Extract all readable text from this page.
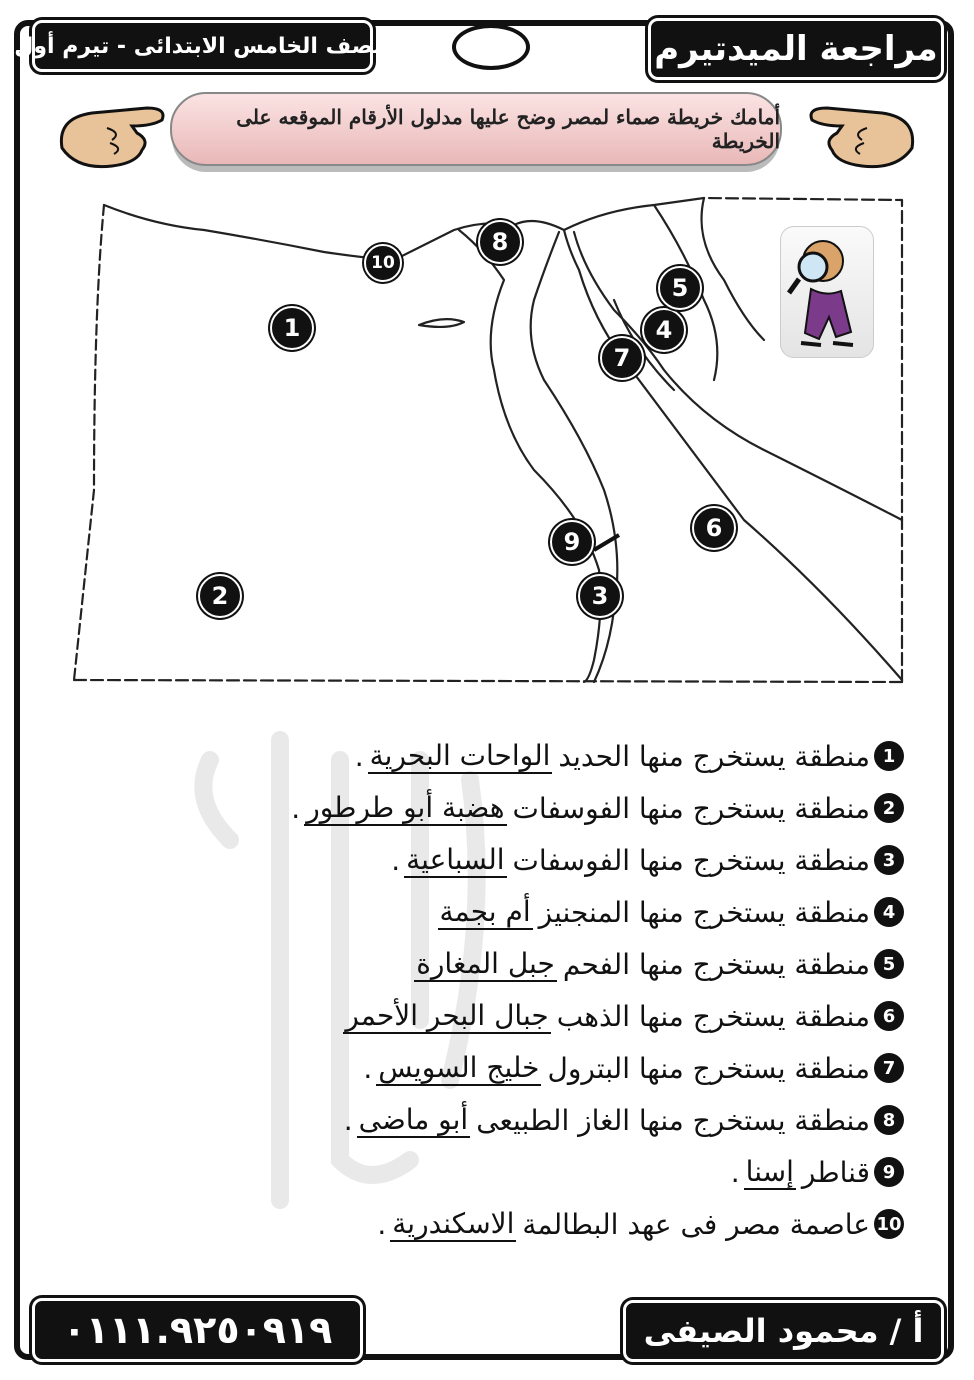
مراجعة الميدتيرم
للصف الخامس الابتدائى - تيرم أول
أمامك خريطة صماء لمصر وضح عليها مدلول الأرقام الموقعه على الخريطة
1
2	3
4
5
6
7
8
9
10
1
منطقة يستخرج منها الحديد
الواحات البحرية
.
2
منطقة يستخرج منها الفوسفات
هضبة أبو طرطور
.
3
منطقة يستخرج منها الفوسفات
السباعية
.
4
منطقة يستخرج منها المنجنيز
أم بجمة
5
منطقة يستخرج منها الفحم
جبل المغارة
6
منطقة يستخرج منها الذهب
جبال البحر الأحمر
7
منطقة يستخرج منها البترول
خليج السويس
.
8
منطقة يستخرج منها الغاز الطبيعى
أبو ماضى
.
9
قناطر
إسنا
.
10
عاصمة مصر فى عهد البطالمة
الاسكندرية
.
أ / محمود الصيفى
٠١١١.٩٢٥٠٩١٩
